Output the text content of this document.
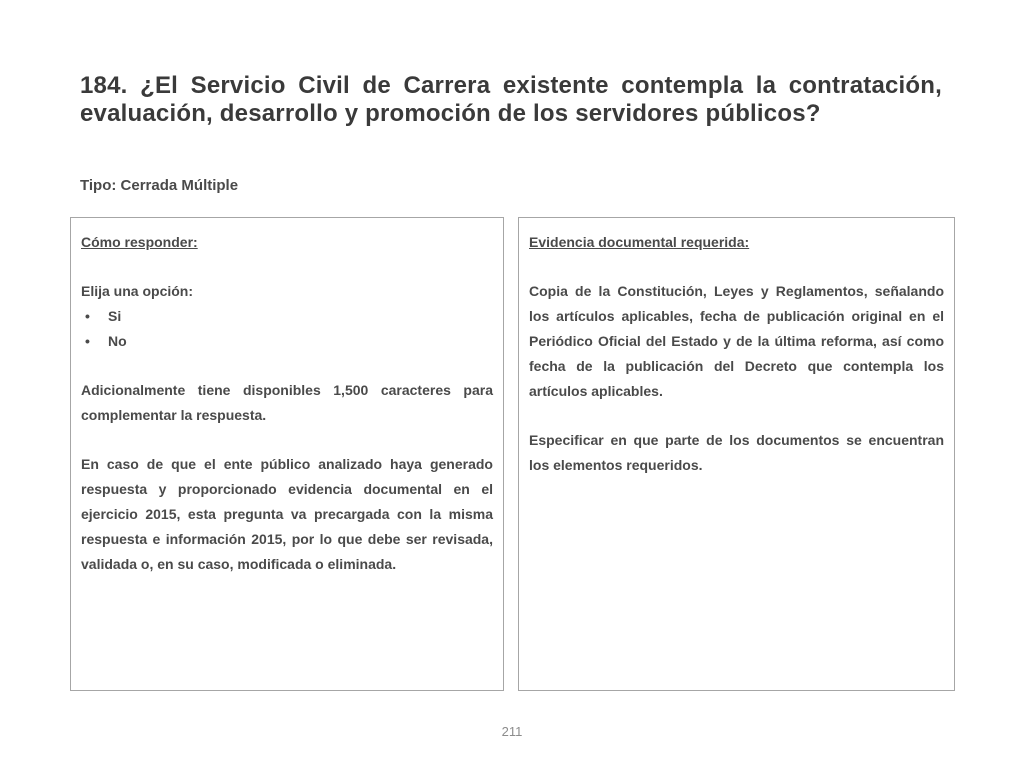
184. ¿El Servicio Civil de Carrera existente contempla la contratación, evaluación, desarrollo y promoción de los servidores públicos?
Tipo: Cerrada Múltiple
Cómo responder:

Elija una opción:

• Si
• No

Adicionalmente tiene disponibles 1,500 caracteres para complementar la respuesta.

En caso de que el ente público analizado haya generado respuesta y proporcionado evidencia documental en el ejercicio 2015, esta pregunta va precargada con la misma respuesta e información 2015, por lo que debe ser revisada, validada o, en su caso, modificada o eliminada.

Evidencia documental requerida:

Copia de la Constitución, Leyes y Reglamentos, señalando los artículos aplicables, fecha de publicación original en el Periódico Oficial del Estado y de la última reforma, así como fecha de la publicación del Decreto que contempla los artículos aplicables.

Especificar en que parte de los documentos se encuentran los elementos requeridos.

211
